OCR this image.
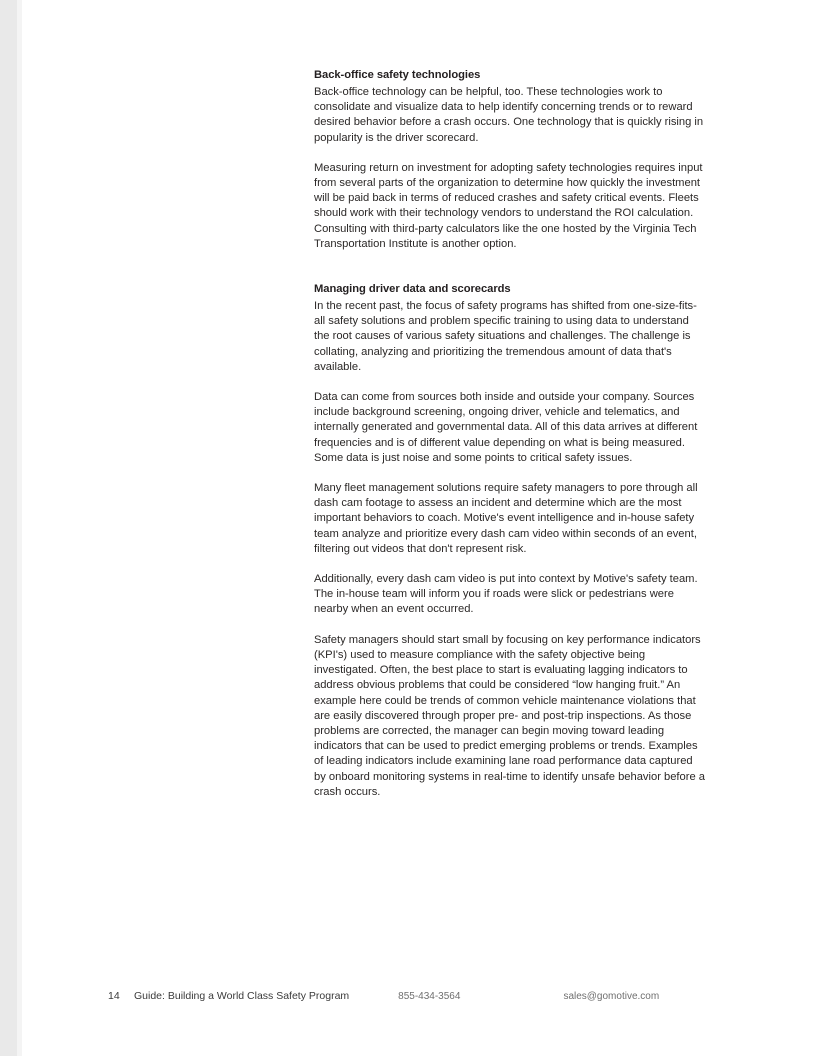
Back-office safety technologies

Back-office technology can be helpful, too. These technologies work to consolidate and visualize data to help identify concerning trends or to reward desired behavior before a crash occurs. One technology that is quickly rising in popularity is the driver scorecard.

Measuring return on investment for adopting safety technologies requires input from several parts of the organization to determine how quickly the investment will be paid back in terms of reduced crashes and safety critical events. Fleets should work with their technology vendors to understand the ROI calculation. Consulting with third-party calculators like the one hosted by the Virginia Tech Transportation Institute is another option.

Managing driver data and scorecards

In the recent past, the focus of safety programs has shifted from one-size-fits-all safety solutions and problem specific training to using data to understand the root causes of various safety situations and challenges. The challenge is collating, analyzing and prioritizing the tremendous amount of data that's available.

Data can come from sources both inside and outside your company. Sources include background screening, ongoing driver, vehicle and telematics, and internally generated and governmental data. All of this data arrives at different frequencies and is of different value depending on what is being measured. Some data is just noise and some points to critical safety issues.

Many fleet management solutions require safety managers to pore through all dash cam footage to assess an incident and determine which are the most important behaviors to coach. Motive's event intelligence and in-house safety team analyze and prioritize every dash cam video within seconds of an event, filtering out videos that don't represent risk.

Additionally, every dash cam video is put into context by Motive's safety team. The in-house team will inform you if roads were slick or pedestrians were nearby when an event occurred.

Safety managers should start small by focusing on key performance indicators (KPI's) used to measure compliance with the safety objective being investigated. Often, the best place to start is evaluating lagging indicators to address obvious problems that could be considered “low hanging fruit.” An example here could be trends of common vehicle maintenance violations that are easily discovered through proper pre- and post-trip inspections. As those problems are corrected, the manager can begin moving toward leading indicators that can be used to predict emerging problems or trends. Examples of leading indicators include examining lane road performance data captured by onboard monitoring systems in real-time to identify unsafe behavior before a crash occurs.

14	Guide: Building a World Class Safety Program	855-434-3564	sales@gomotive.com
